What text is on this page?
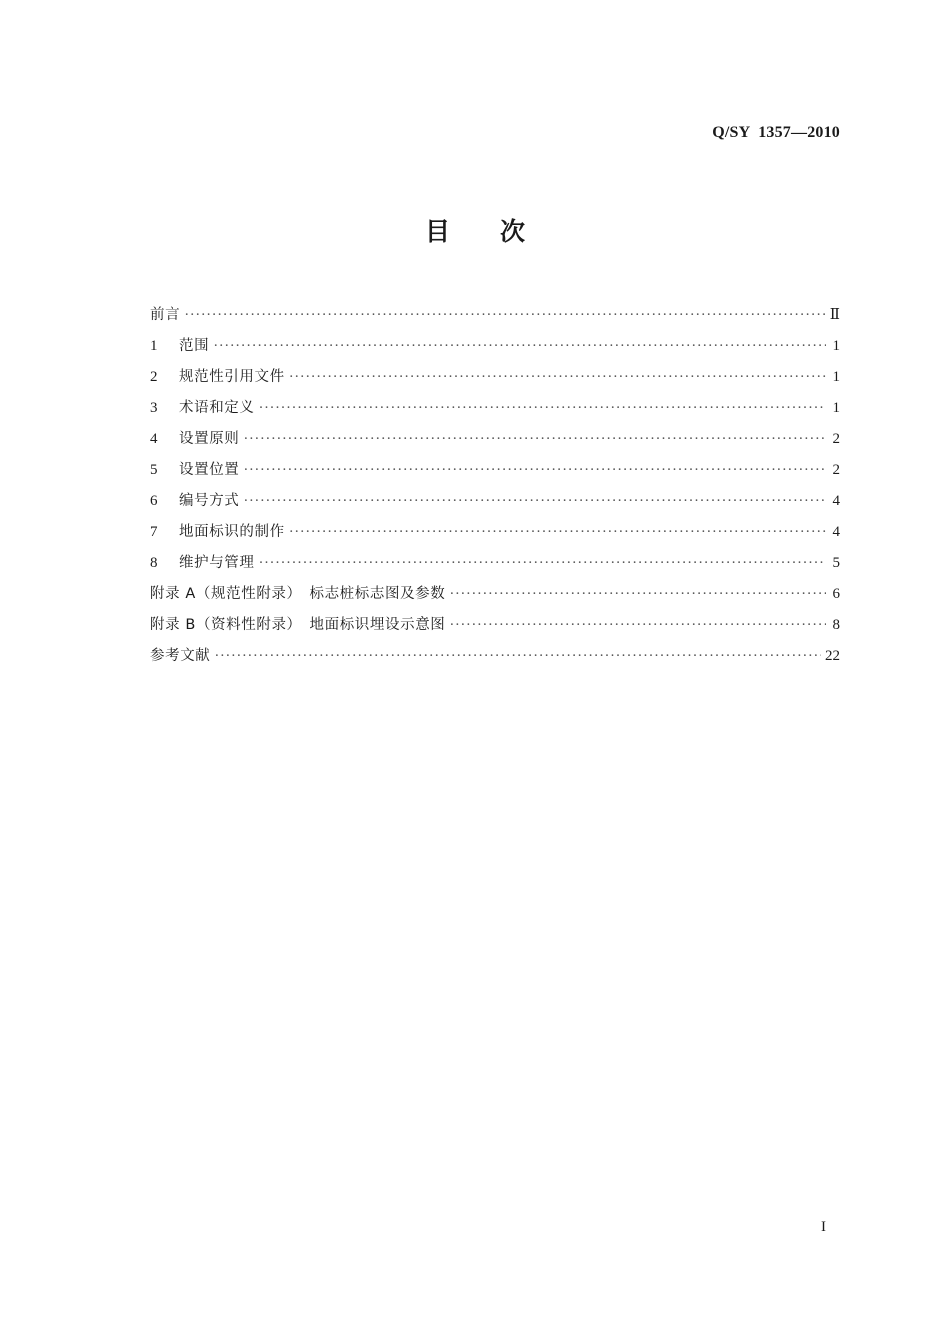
Q/SY  1357—2010
目次
前言 ·····	Ⅱ
1	范围 ·····	1
2	规范性引用文件 ·····	1
3	术语和定义 ·····	1
4	设置原则 ·····	2
5	设置位置 ·····	2
6	编号方式 ·····	4
7	地面标识的制作 ·····	4
8	维护与管理 ·····	5
附录 A（规范性附录）　标志桩标志图及参数 ·····	6
附录 B（资料性附录）　地面标识埋设示意图 ·····	8
参考文献 ·····	22
I
